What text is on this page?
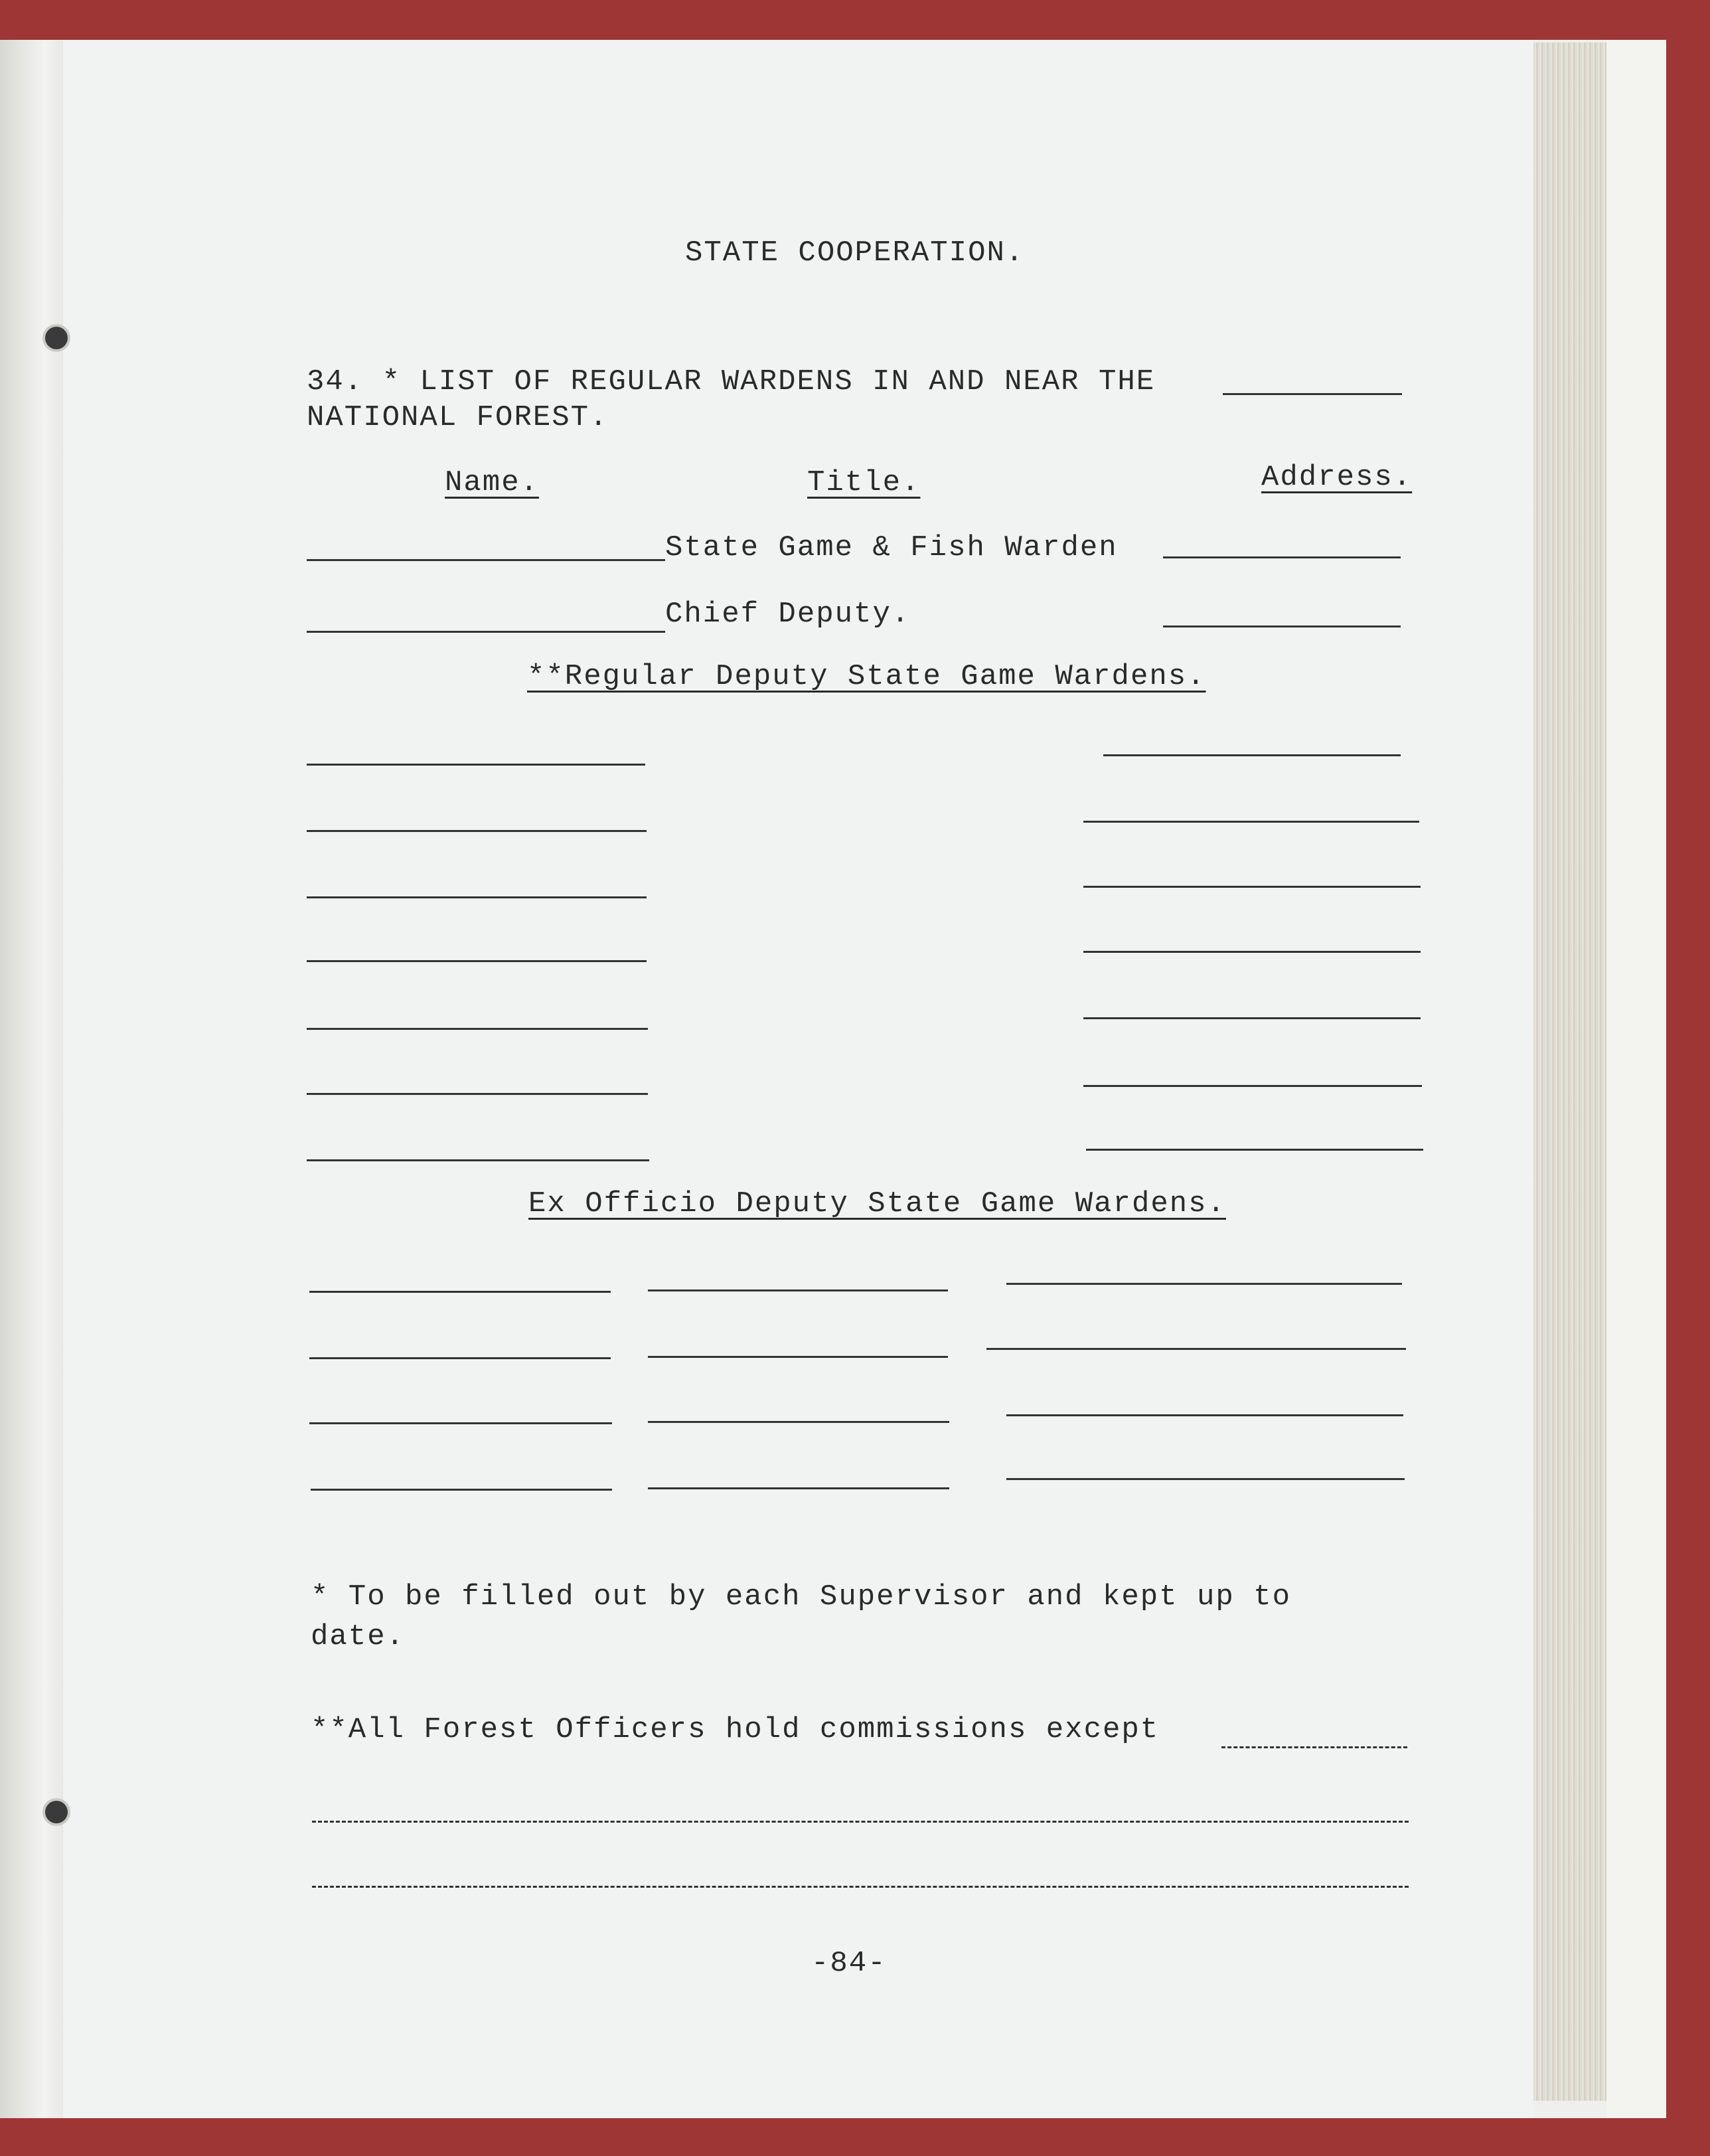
STATE COOPERATION.
34. * LIST OF REGULAR WARDENS IN AND NEAR THE
NATIONAL FOREST.
Name.	Title.	Address.
State Game & Fish Warden
Chief Deputy.
**Regular Deputy State Game Wardens.
Ex Officio Deputy State Game Wardens.
* To be filled out by each Supervisor and kept up to
date.
**All Forest Officers hold commissions except
-84-
